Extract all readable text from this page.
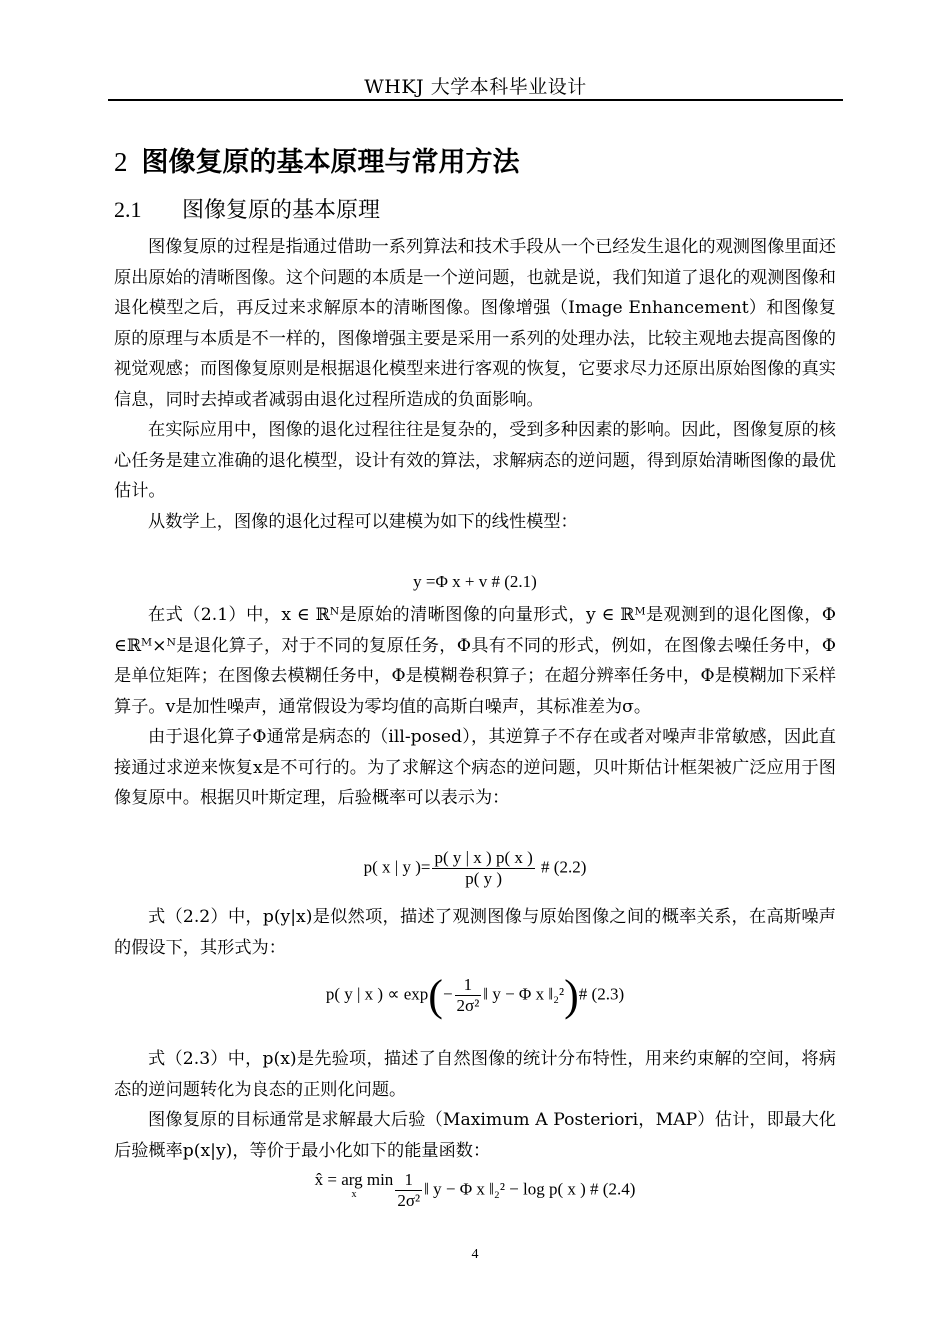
WHKJ 大学本科毕业设计
2 图像复原的基本原理与常用方法
2.1 图像复原的基本原理

图像复原的过程是指通过借助一系列算法和技术手段从一个已经发生退化的观测图像里面还原出原始的清晰图像。这个问题的本质是一个逆问题，也就是说，我们知道了退化的观测图像和退化模型之后，再反过来求解原本的清晰图像。图像增强（Image Enhancement）和图像复原的原理与本质是不一样的，图像增强主要是采用一系列的处理办法，比较主观地去提高图像的视觉观感；而图像复原则是根据退化模型来进行客观的恢复，它要求尽力还原出原始图像的真实信息，同时去掉或者减弱由退化过程所造成的负面影响。

在实际应用中，图像的退化过程往往是复杂的，受到多种因素的影响。因此，图像复原的核心任务是建立准确的退化模型，设计有效的算法，求解病态的逆问题，得到原始清晰图像的最优估计。

从数学上，图像的退化过程可以建模为如下的线性模型：

y =Φ x + v # (2.1)

在式（2.1）中，x ∈ ℝᴺ是原始的清晰图像的向量形式，y ∈ ℝᴹ是观测到的退化图像，Φ ∈ℝᴹ×ᴺ是退化算子，对于不同的复原任务，Φ具有不同的形式，例如，在图像去噪任务中，Φ是单位矩阵；在图像去模糊任务中，Φ是模糊卷积算子；在超分辨率任务中，Φ是模糊加下采样算子。v是加性噪声，通常假设为零均值的高斯白噪声，其标准差为σ。

由于退化算子Φ通常是病态的（ill-posed），其逆算子不存在或者对噪声非常敏感，因此直接通过求逆来恢复x是不可行的。为了求解这个病态的逆问题，贝叶斯估计框架被广泛应用于图像复原中。根据贝叶斯定理，后验概率可以表示为：

p( x | y )= $\frac{p( y | x ) p( x )}{p( y )}$ # (2.2)

式（2.2）中，p(y|x)是似然项，描述了观测图像与原始图像之间的概率关系，在高斯噪声的假设下，其形式为：

p( y | x ) ∝ $\exp(- \frac{1}{\text{2σ²}}$ ‖ y − Φ x ‖₂²)# (2.3)

式（2.3）中，p(x)是先验项，描述了自然图像的统计分布特性，用来约束解的空间，将病态的逆问题转化为良态的正则化问题。

图像复原的目标通常是求解最大后验（Maximum A Posteriori，MAP）估计，即最大化后验概率p(x|y)，等价于最小化如下的能量函数：

x̂ = arg min
x	$\frac{1}{\text{2σ²}}$ ‖ y − Φ x ‖₂² − log p( x ) # (2.4)
4
